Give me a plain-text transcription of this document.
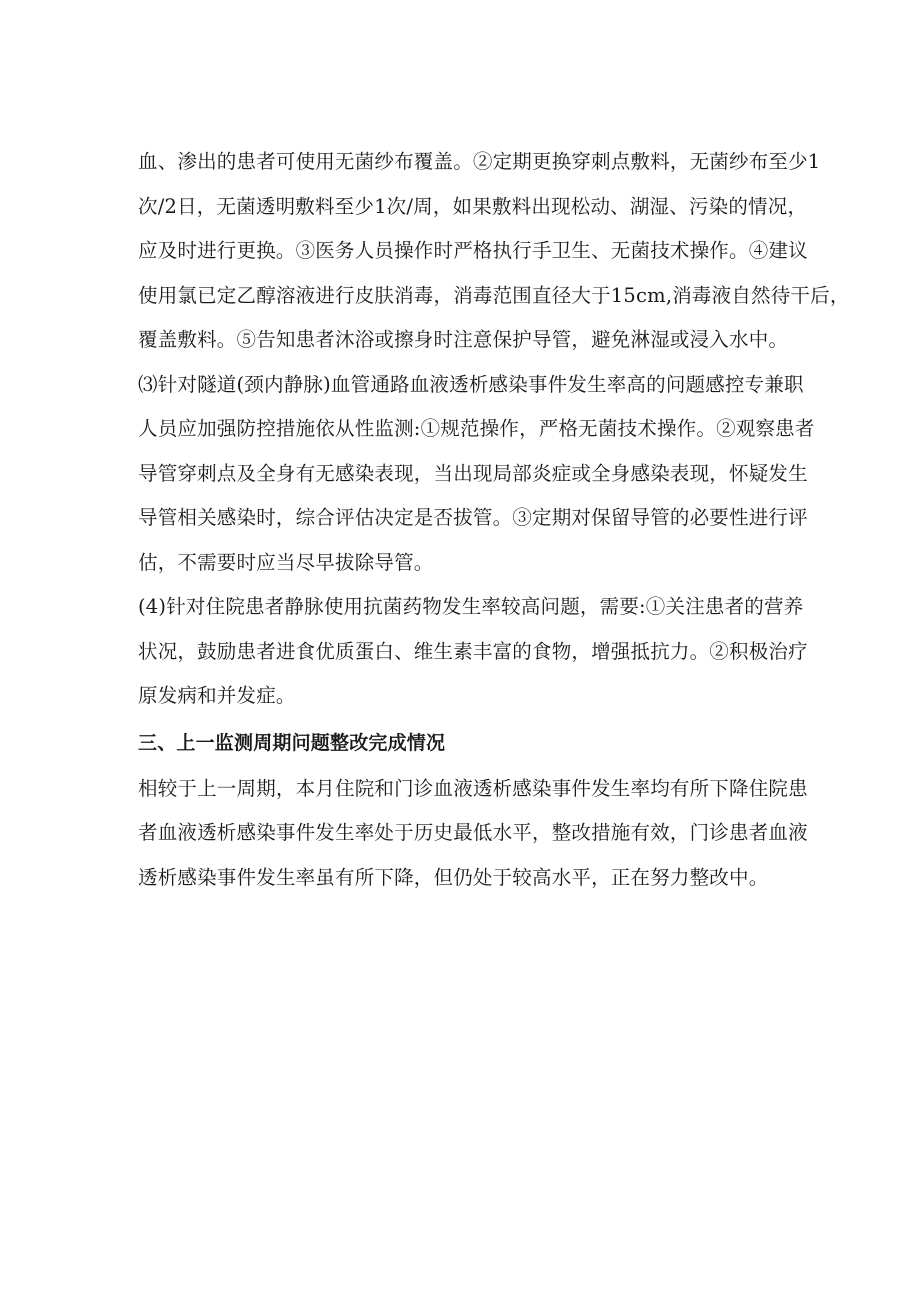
血、渗出的患者可使用无菌纱布覆盖。②定期更换穿刺点敷料，无菌纱布至少1
次/2日，无菌透明敷料至少1次/周，如果敷料出现松动、湖湿、污染的情况，
应及时进行更换。③医务人员操作时严格执行手卫生、无菌技术操作。④建议
使用氯已定乙醇溶液进行皮肤消毒，消毒范围直径大于15cm,消毒液自然待干后，
覆盖敷料。⑤告知患者沐浴或擦身时注意保护导管，避免淋湿或浸入水中。
⑶针对隧道(颈内静脉)血管通路血液透析感染事件发生率高的问题感控专兼职
人员应加强防控措施依从性监测:①规范操作，严格无菌技术操作。②观察患者
导管穿刺点及全身有无感染表现，当出现局部炎症或全身感染表现，怀疑发生
导管相关感染时，综合评估决定是否拔管。③定期对保留导管的必要性进行评
估，不需要时应当尽早拔除导管。
(4)针对住院患者静脉使用抗菌药物发生率较高问题，需要:①关注患者的营养
状况，鼓励患者进食优质蛋白、维生素丰富的食物，增强抵抗力。②积极治疗
原发病和并发症。
三、上一监测周期问题整改完成情况
相较于上一周期，本月住院和门诊血液透析感染事件发生率均有所下降住院患
者血液透析感染事件发生率处于历史最低水平，整改措施有效，门诊患者血液
透析感染事件发生率虽有所下降，但仍处于较高水平，正在努力整改中。
